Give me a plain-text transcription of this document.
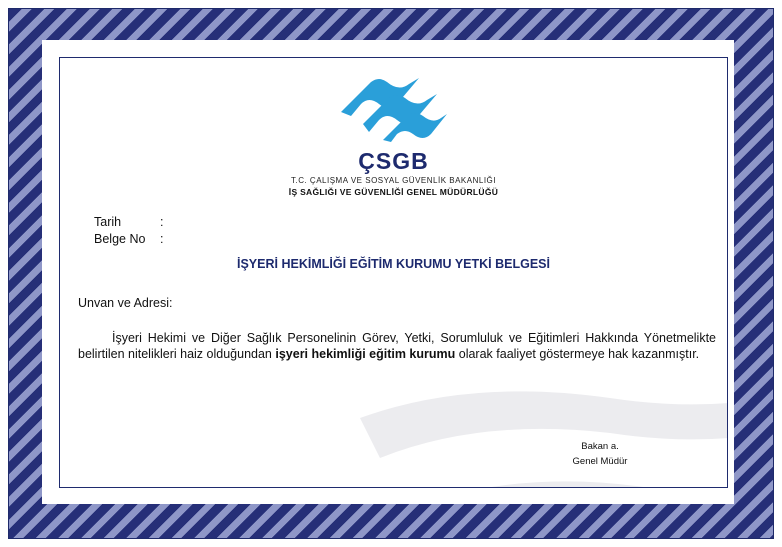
ÇSGB
T.C. ÇALIŞMA VE SOSYAL GÜVENLİK BAKANLIĞI
İŞ SAĞLIĞI VE GÜVENLİĞİ GENEL MÜDÜRLÜĞÜ
Tarih	:
Belge No :
İŞYERİ HEKİMLİĞİ EĞİTİM KURUMU YETKİ BELGESİ
Unvan ve Adresi:
İşyeri Hekimi ve Diğer Sağlık Personelinin Görev, Yetki, Sorumluluk ve Eğitimleri Hakkında Yönetmelikte belirtilen nitelikleri haiz olduğundan işyeri hekimliği eğitim kurumu olarak faaliyet göstermeye hak kazanmıştır.
Bakan a.
Genel Müdür
